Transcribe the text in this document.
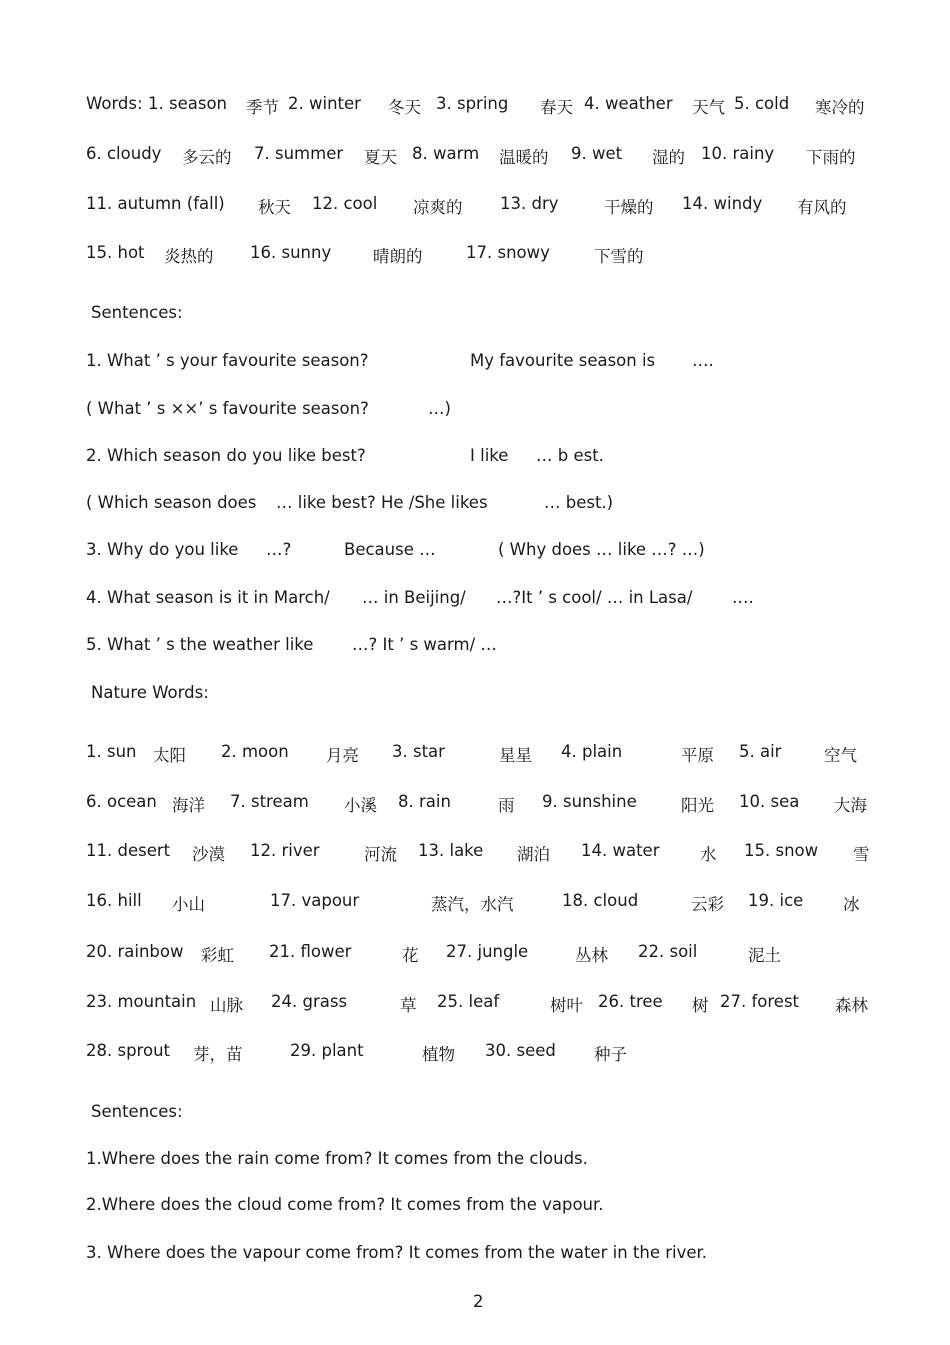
Words: 1. season 季节 2. winter 冬天 3. spring 春天 4. weather 天气 5. cold 寒冷的
6. cloudy 多云的 7. summer 夏天 8. warm 温暖的 9. wet 湿的 10. rainy 下雨的
11. autumn (fall) 秋天 12. cool 凉爽的 13. dry	干燥的 14. windy 有风的
15. hot 炎热的 16. sunny	晴朗的	17. snowy	下雪的
Sentences:
1. What ’ s your favourite season?	My favourite season is ….
( What ’ s ××’ s favourite season?	…)
2. Which season do you like best?	I like … b est.
( Which season does … like best? He /She likes	… best.)
3. Why do you like …?	Because …	( Why does … like …? …)
4. What season is it in March/ … in Beijing/ …?It ’ s cool/ … in Lasa/ ….
5. What ’ s the weather like …? It ’ s warm/ …
Nature Words:
1. sun 太阳 2. moon 月亮 3. star	星星 4. plain	平原 5. air	空气
6. ocean 海洋 7. stream 小溪 8. rain	雨 9. sunshine	阳光 10. sea 大海
11. desert 沙漠 12. river	河流 13. lake 湖泊 14. water 水 15. snow 雪
16. hill 小山	17. vapour	蒸汽，水汽	18. cloud	云彩 19. ice 冰
20. rainbow 彩虹 21. flower	花 27. jungle	丛林 22. soil	泥土
23. mountain 山脉 24. grass	草 25. leaf	树叶 26. tree 树 27. forest 森林
28. sprout 芽，苗	29. plant	植物 30. seed 种子
Sentences:
1.Where does the rain come from? It comes from the clouds.
2.Where does the cloud come from? It comes from the vapour.
3. Where does the vapour come from? It comes from the water in the river.
2
